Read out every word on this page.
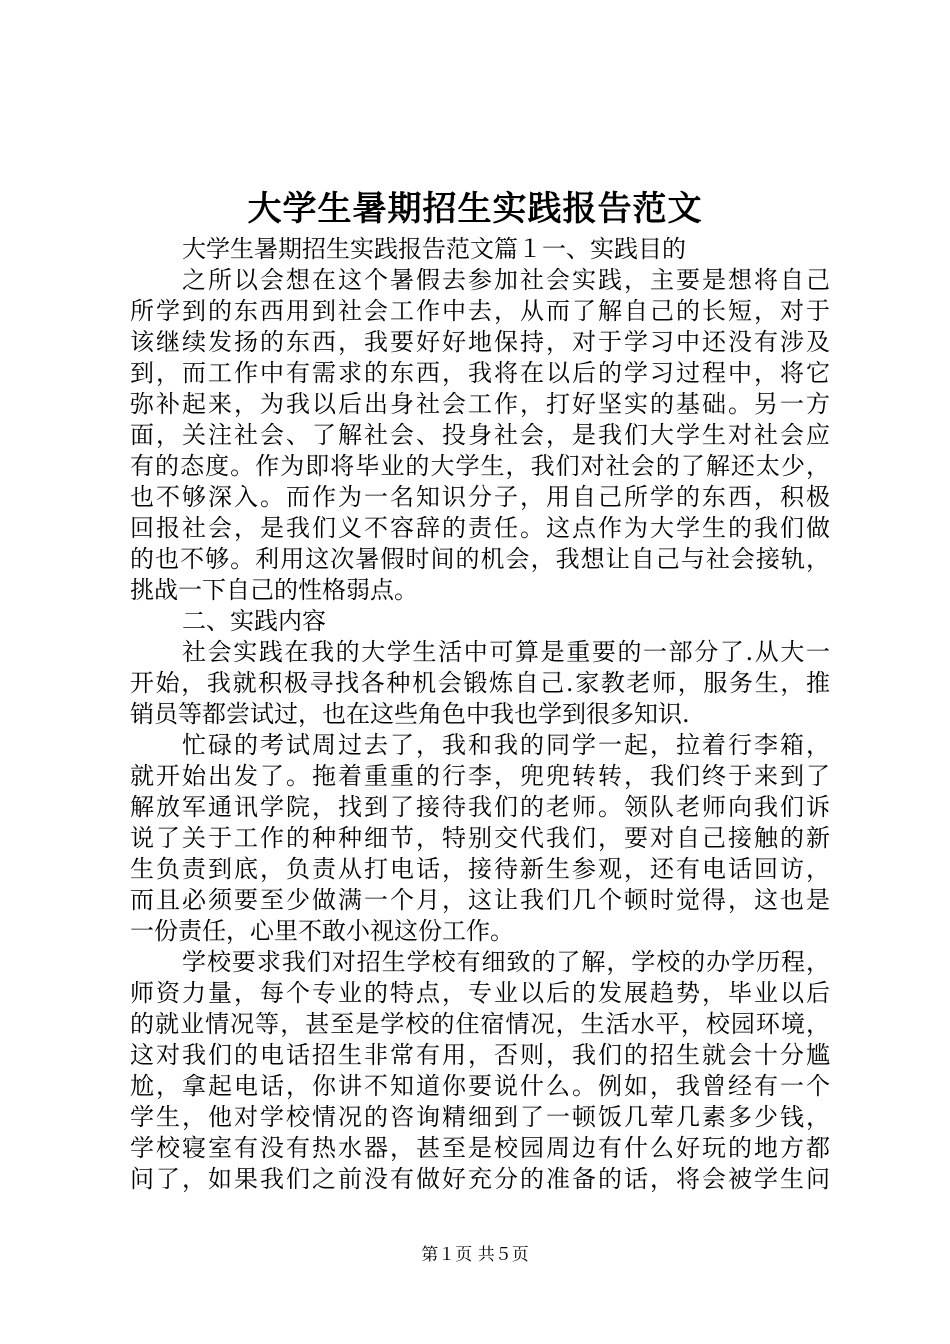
大学生暑期招生实践报告范文
大学生暑期招生实践报告范文篇１一、实践目的
之所以会想在这个暑假去参加社会实践，主要是想将自己
所学到的东西用到社会工作中去，从而了解自己的长短，对于
该继续发扬的东西，我要好好地保持，对于学习中还没有涉及
到，而工作中有需求的东西，我将在以后的学习过程中，将它
弥补起来，为我以后出身社会工作，打好坚实的基础。另一方
面，关注社会、了解社会、投身社会，是我们大学生对社会应
有的态度。作为即将毕业的大学生，我们对社会的了解还太少，
也不够深入。而作为一名知识分子，用自己所学的东西，积极
回报社会，是我们义不容辞的责任。这点作为大学生的我们做
的也不够。利用这次暑假时间的机会，我想让自己与社会接轨，
挑战一下自己的性格弱点。
二、实践内容
社会实践在我的大学生活中可算是重要的一部分了.从大一
开始，我就积极寻找各种机会锻炼自己.家教老师，服务生，推
销员等都尝试过，也在这些角色中我也学到很多知识.
忙碌的考试周过去了，我和我的同学一起，拉着行李箱，
就开始出发了。拖着重重的行李，兜兜转转，我们终于来到了
解放军通讯学院，找到了接待我们的老师。领队老师向我们诉
说了关于工作的种种细节，特别交代我们，要对自己接触的新
生负责到底，负责从打电话，接待新生参观，还有电话回访，
而且必须要至少做满一个月，这让我们几个顿时觉得，这也是
一份责任，心里不敢小视这份工作。
学校要求我们对招生学校有细致的了解，学校的办学历程，
师资力量，每个专业的特点，专业以后的发展趋势，毕业以后
的就业情况等，甚至是学校的住宿情况，生活水平，校园环境，
这对我们的电话招生非常有用，否则，我们的招生就会十分尴
尬，拿起电话，你讲不知道你要说什么。例如，我曾经有一个
学生，他对学校情况的咨询精细到了一顿饭几荤几素多少钱，
学校寝室有没有热水器，甚至是校园周边有什么好玩的地方都
问了，如果我们之前没有做好充分的准备的话，将会被学生问
第１页 共５页
